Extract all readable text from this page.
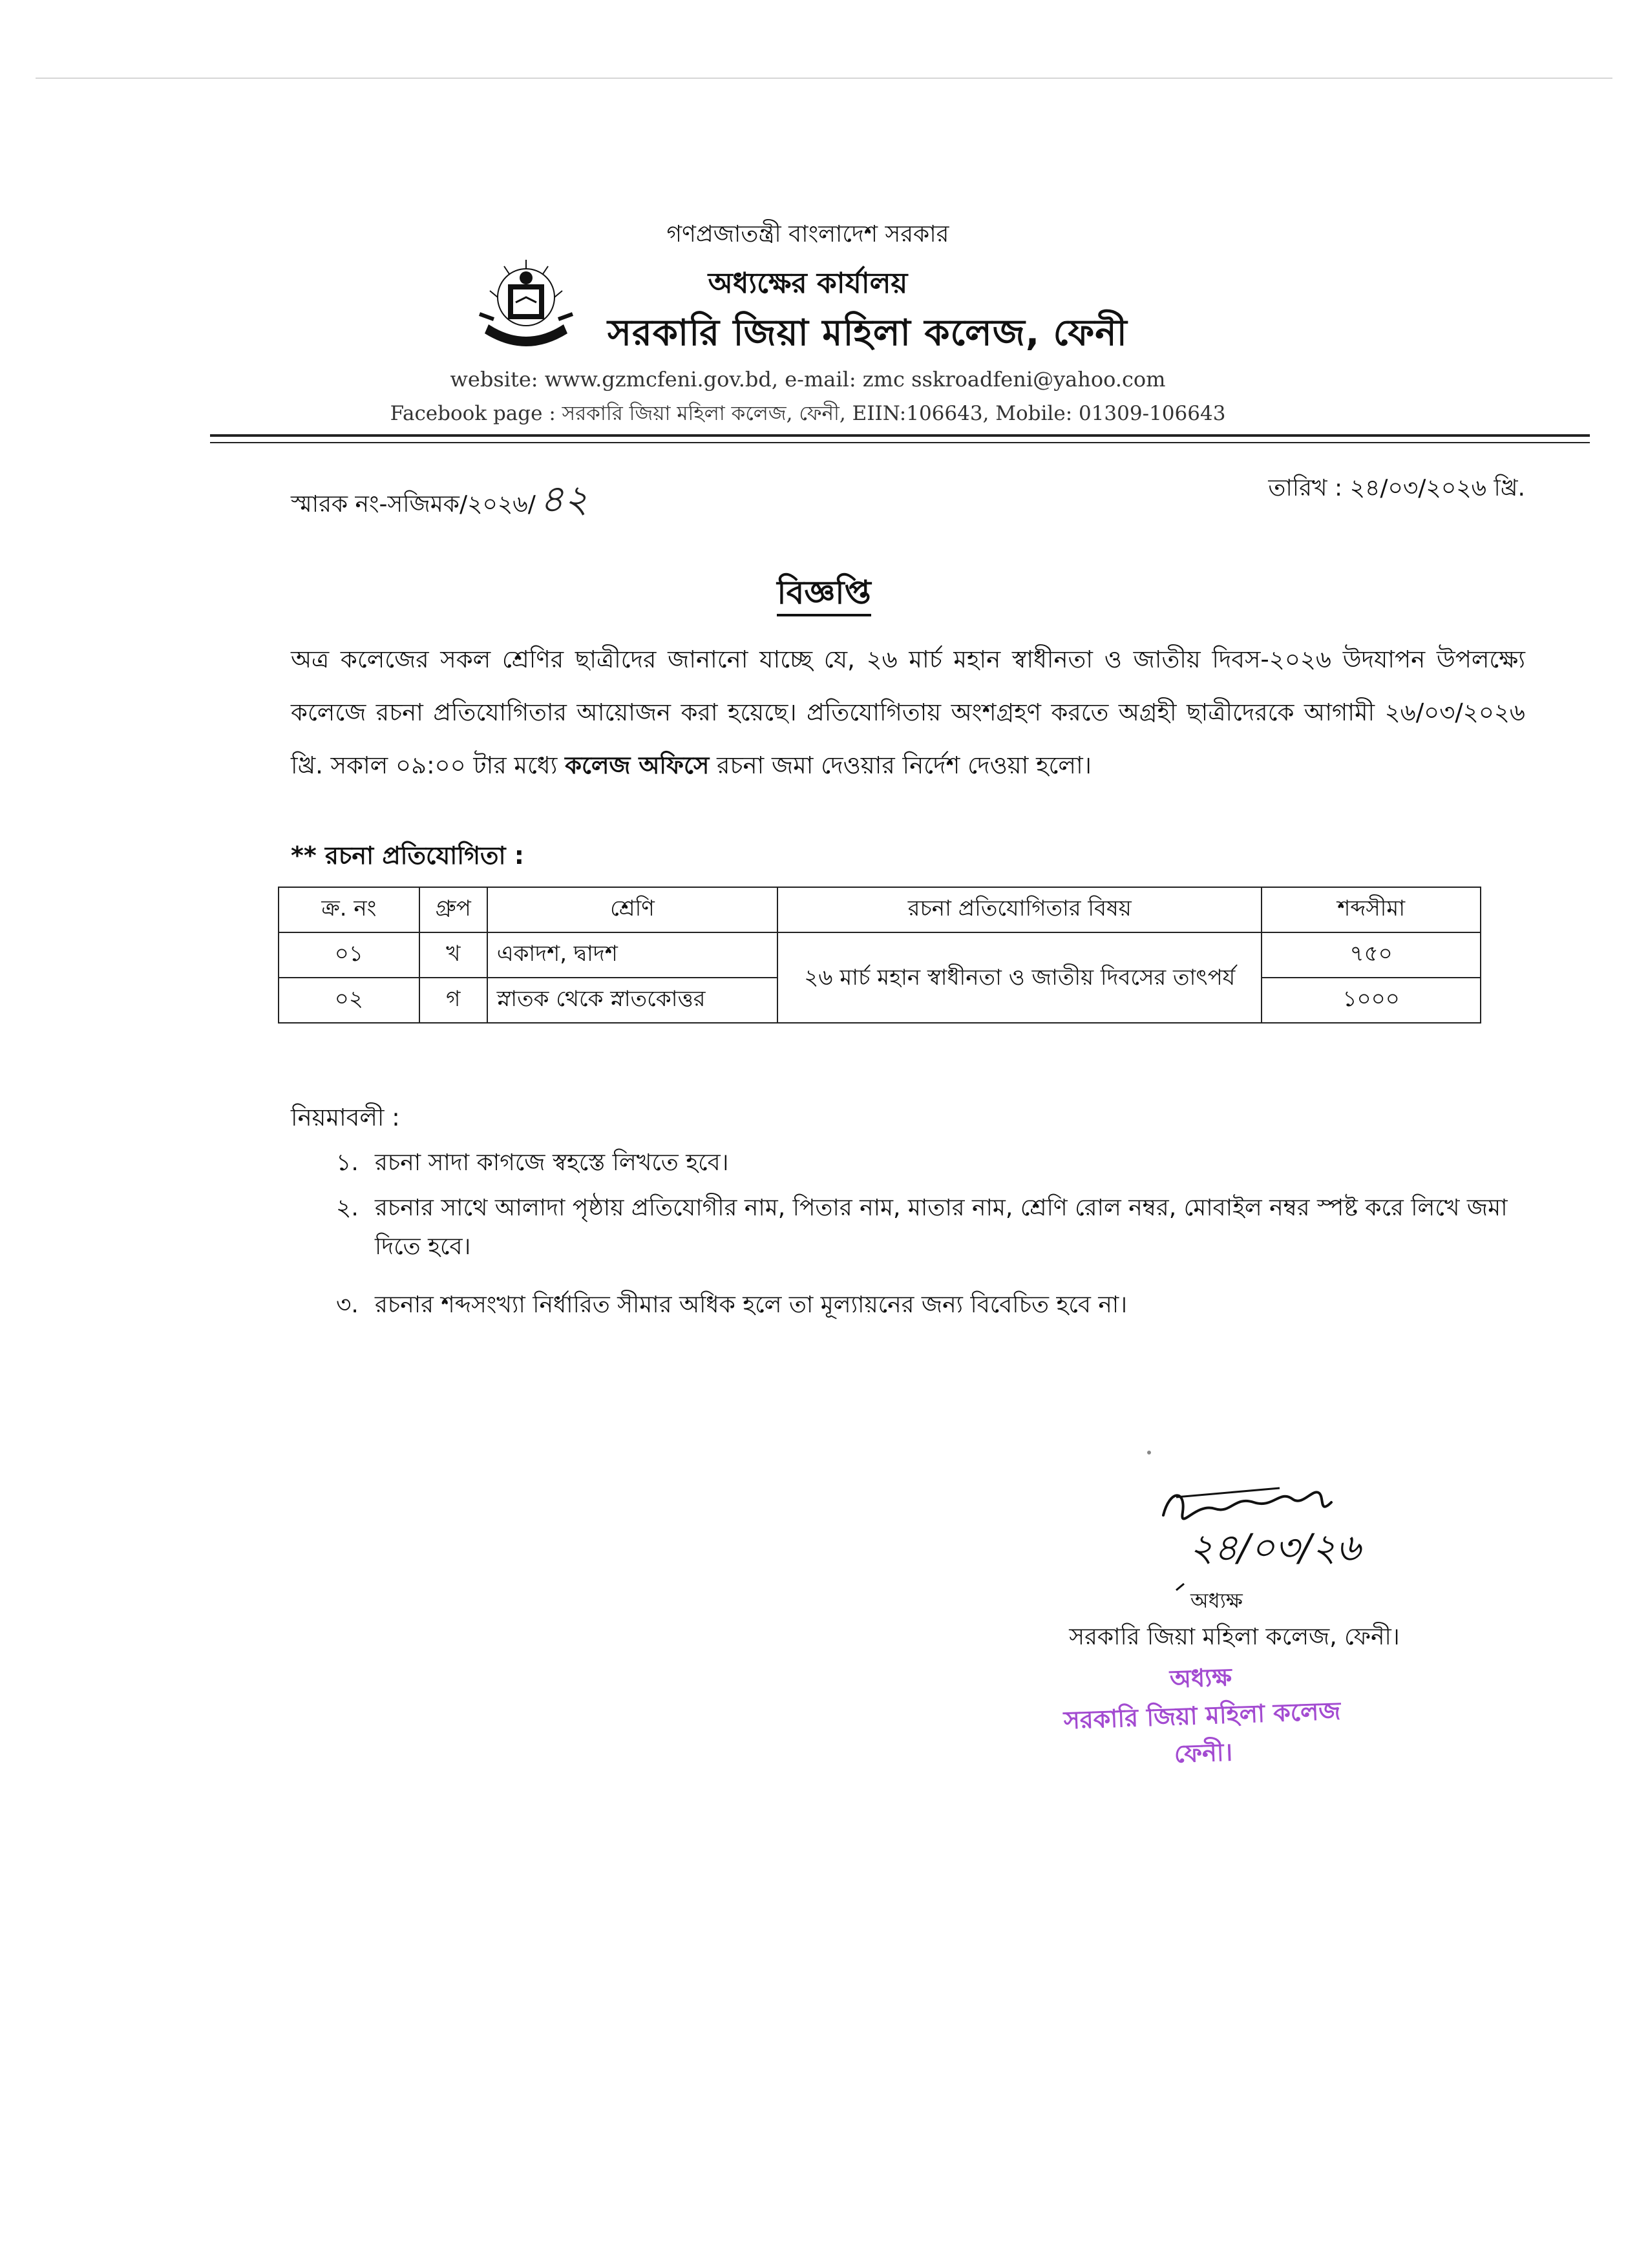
গণপ্রজাতন্ত্রী বাংলাদেশ সরকার
অধ্যক্ষের কার্যালয়
সরকারি জিয়া মহিলা কলেজ, ফেনী
website: www.gzmcfeni.gov.bd, e-mail: zmc sskroadfeni@yahoo.com
Facebook page : সরকারি জিয়া মহিলা কলেজ, ফেনী, EIIN:106643, Mobile: 01309-106643
স্মারক নং-সজিমক/২০২৬/ ৪২	তারিখ : ২৪/০৩/২০২৬ খ্রি.
বিজ্ঞপ্তি
অত্র কলেজের সকল শ্রেণির ছাত্রীদের জানানো যাচ্ছে যে, ২৬ মার্চ মহান স্বাধীনতা ও জাতীয় দিবস-২০২৬ উদযাপন উপলক্ষ্যে কলেজে রচনা প্রতিযোগিতার আয়োজন করা হয়েছে। প্রতিযোগিতায় অংশগ্রহণ করতে অগ্রহী ছাত্রীদেরকে আগামী ২৬/০৩/২০২৬ খ্রি. সকাল ০৯:০০ টার মধ্যে কলেজ অফিসে রচনা জমা দেওয়ার নির্দেশ দেওয়া হলো।
** রচনা প্রতিযোগিতা :
ক্র. নং	গ্রুপ	শ্রেণি	রচনা প্রতিযোগিতার বিষয়	শব্দসীমা
০১	খ	একাদশ, দ্বাদশ	২৬ মার্চ মহান স্বাধীনতা ও জাতীয় দিবসের তাৎপর্য	৭৫০
০২	গ	স্নাতক থেকে স্নাতকোত্তর		১০০০
নিয়মাবলী :
১. রচনা সাদা কাগজে স্বহস্তে লিখতে হবে।
২. রচনার সাথে আলাদা পৃষ্ঠায় প্রতিযোগীর নাম, পিতার নাম, মাতার নাম, শ্রেণি রোল নম্বর, মোবাইল নম্বর স্পষ্ট করে লিখে জমা দিতে হবে।
৩. রচনার শব্দসংখ্যা নির্ধারিত সীমার অধিক হলে তা মূল্যায়নের জন্য বিবেচিত হবে না।
২৪/০৩/২৬
অধ্যক্ষ
সরকারি জিয়া মহিলা কলেজ, ফেনী।
অধ্যক্ষ
সরকারি জিয়া মহিলা কলেজ
ফেনী।
